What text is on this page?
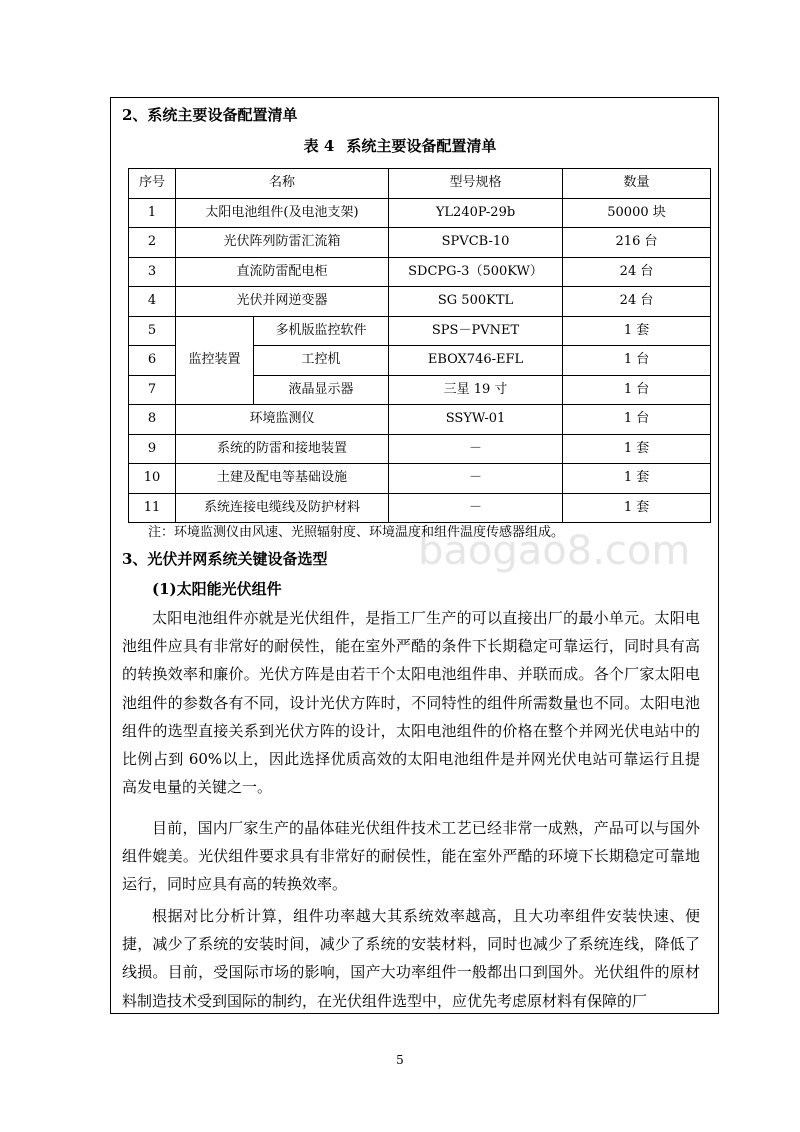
baogao8.com
2、系统主要设备配置清单
表 4 系统主要设备配置清单
序号	名称		型号规格	数量
1	太阳电池组件(及电池支架)		YL240P-29b	50000 块
2	光伏阵列防雷汇流箱		SPVCB-10	216 台
3	直流防雷配电柜		SDCPG-3（500KW）	24 台
4	光伏并网逆变器		SG 500KTL	24 台
5	监控装置	多机版监控软件	SPS－PVNET	1 套
6		工控机	EBOX746-EFL	1 台
7		液晶显示器	三星 19 寸	1 台
8	环境监测仪		SSYW-01	1 台
9	系统的防雷和接地装置		－	1 套
10	土建及配电等基础设施		－	1 套
11	系统连接电缆线及防护材料		－	1 套
注：环境监测仪由风速、光照辐射度、环境温度和组件温度传感器组成。
3、光伏并网系统关键设备选型
(1)太阳能光伏组件

太阳电池组件亦就是光伏组件，是指工厂生产的可以直接出厂的最小单元。太阳电池组件应具有非常好的耐侯性，能在室外严酷的条件下长期稳定可靠运行，同时具有高的转换效率和廉价。光伏方阵是由若干个太阳电池组件串、并联而成。各个厂家太阳电池组件的参数各有不同，设计光伏方阵时，不同特性的组件所需数量也不同。太阳电池组件的选型直接关系到光伏方阵的设计，太阳电池组件的价格在整个并网光伏电站中的比例占到 60%以上，因此选择优质高效的太阳电池组件是并网光伏电站可靠运行且提高发电量的关键之一。

目前，国内厂家生产的晶体硅光伏组件技术工艺已经非常一成熟，产品可以与国外组件媲美。光伏组件要求具有非常好的耐侯性，能在室外严酷的环境下长期稳定可靠地运行，同时应具有高的转换效率。

根据对比分析计算，组件功率越大其系统效率越高，且大功率组件安装快速、便捷，减少了系统的安装时间，减少了系统的安装材料，同时也减少了系统连线，降低了线损。目前，受国际市场的影响，国产大功率组件一般都出口到国外。光伏组件的原材料制造技术受到国际的制约，在光伏组件选型中，应优先考虑原材料有保障的厂

5
